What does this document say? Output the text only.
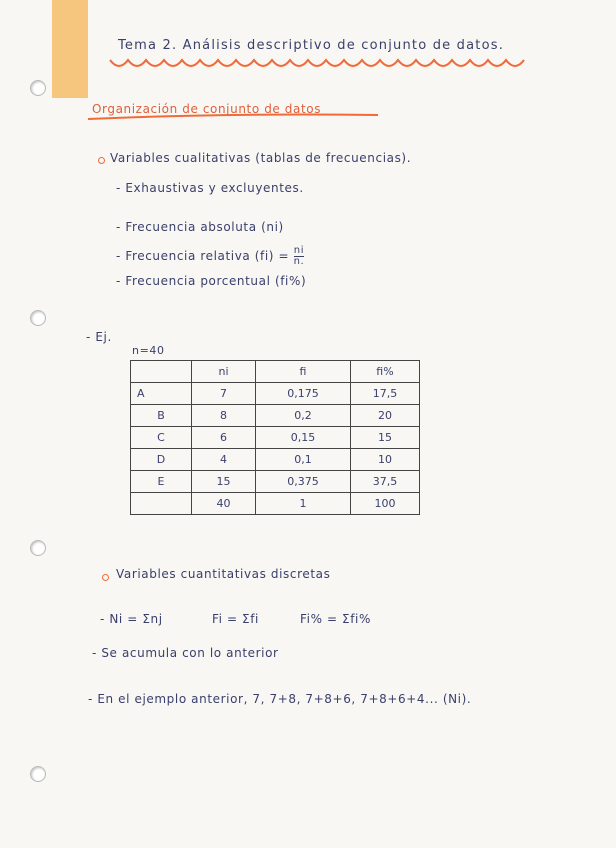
Tema 2. Análisis descriptivo de conjunto de datos.
Organización de conjunto de datos
Variables cualitativas (tablas de frecuencias).
- Exhaustivas y excluyentes.
- Frecuencia absoluta (ni)
- Frecuencia relativa $(fi) = \frac{ni}{n.}$
- Frecuencia porcentual (fi%)
- Ej.
n=40
	ni	fi	fi%
A	7	0,175	17,5
B	8	0,2	20
C	6	0,15	15
D	4	0,1	10
E	15	0,375	37,5
	40	1	100
Variables cuantitativas discretas
- Ni = Σnj	Fi = Σfi	Fi% = Σfi%
- Se acumula con lo anterior
- En el ejemplo anterior, 7, 7+8, 7+8+6, 7+8+6+4... (Ni).
